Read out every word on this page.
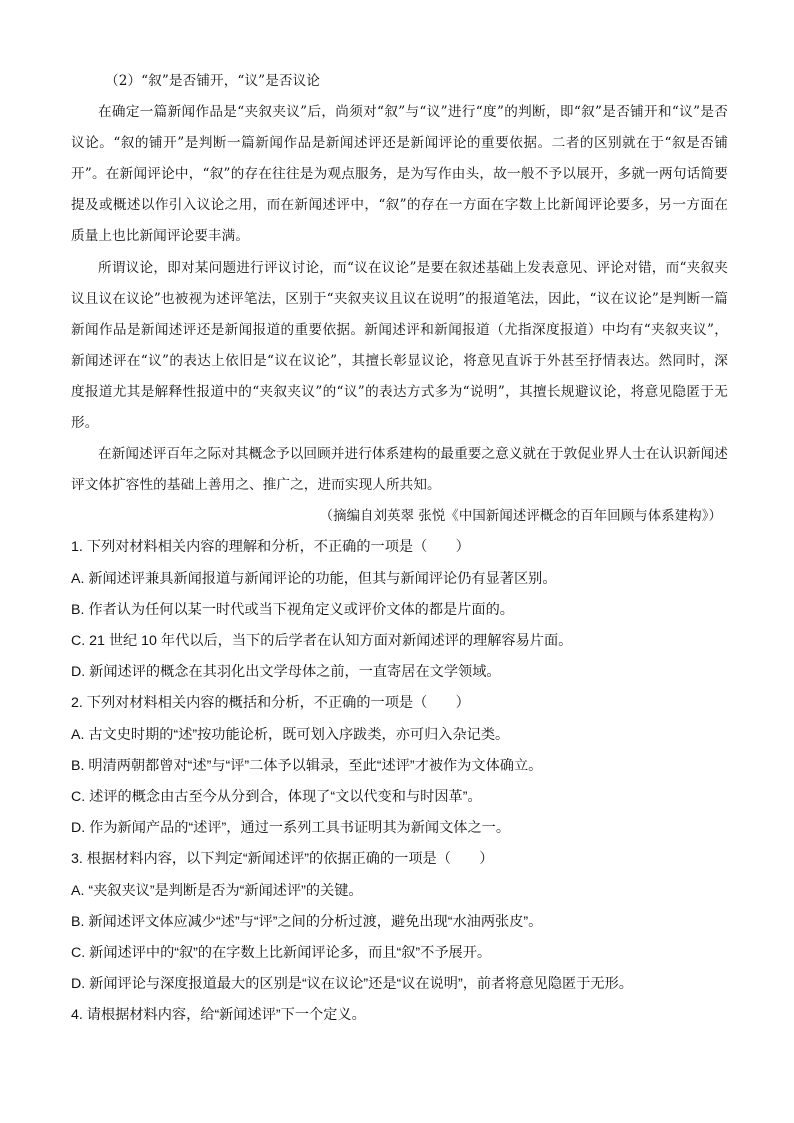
（2）“叙”是否铺开，“议”是否议论

在确定一篇新闻作品是“夹叙夹议”后，尚须对“叙”与“议”进行“度”的判断，即“叙”是否铺开和“议”是否议论。“叙的铺开”是判断一篇新闻作品是新闻述评还是新闻评论的重要依据。二者的区别就在于“叙是否铺开”。在新闻评论中，“叙”的存在往往是为观点服务，是为写作由头，故一般不予以展开，多就一两句话简要提及或概述以作引入议论之用，而在新闻述评中，“叙”的存在一方面在字数上比新闻评论要多，另一方面在质量上也比新闻评论要丰满。

所谓议论，即对某问题进行评议讨论，而“议在议论”是要在叙述基础上发表意见、评论对错，而“夹叙夹议且议在议论”也被视为述评笔法，区别于“夹叙夹议且议在说明”的报道笔法，因此，“议在议论”是判断一篇新闻作品是新闻述评还是新闻报道的重要依据。新闻述评和新闻报道（尤指深度报道）中均有“夹叙夹议”，新闻述评在“议”的表达上依旧是“议在议论”，其擅长彰显议论，将意见直诉于外甚至抒情表达。然同时，深度报道尤其是解释性报道中的“夹叙夹议”的“议”的表达方式多为“说明”，其擅长规避议论，将意见隐匿于无形。

在新闻述评百年之际对其概念予以回顾并进行体系建构的最重要之意义就在于敦促业界人士在认识新闻述评文体扩容性的基础上善用之、推广之，进而实现人所共知。

（摘编自刘英翠 张悦《中国新闻述评概念的百年回顾与体系建构》）

1. 下列对材料相关内容的理解和分析，不正确的一项是（　　）

A. 新闻述评兼具新闻报道与新闻评论的功能，但其与新闻评论仍有显著区别。

B. 作者认为任何以某一时代或当下视角定义或评价文体的都是片面的。

C. 21 世纪 10 年代以后，当下的后学者在认知方面对新闻述评的理解容易片面。

D. 新闻述评的概念在其羽化出文学母体之前，一直寄居在文学领域。

2. 下列对材料相关内容的概括和分析，不正确的一项是（　　）

A. 古文史时期的“述”按功能论析，既可划入序跋类，亦可归入杂记类。

B. 明清两朝都曾对“述”与“评”二体予以辑录，至此“述评”才被作为文体确立。

C. 述评的概念由古至今从分到合，体现了“文以代变和与时因革”。

D. 作为新闻产品的“述评”，通过一系列工具书证明其为新闻文体之一。

3. 根据材料内容，以下判定“新闻述评”的依据正确的一项是（　　）

A. “夹叙夹议”是判断是否为“新闻述评”的关键。

B. 新闻述评文体应减少“述”与“评”之间的分析过渡，避免出现“水油两张皮”。

C. 新闻述评中的“叙”的在字数上比新闻评论多，而且“叙”不予展开。

D. 新闻评论与深度报道最大的区别是“议在议论”还是“议在说明”，前者将意见隐匿于无形。

4. 请根据材料内容，给“新闻述评”下一个定义。
